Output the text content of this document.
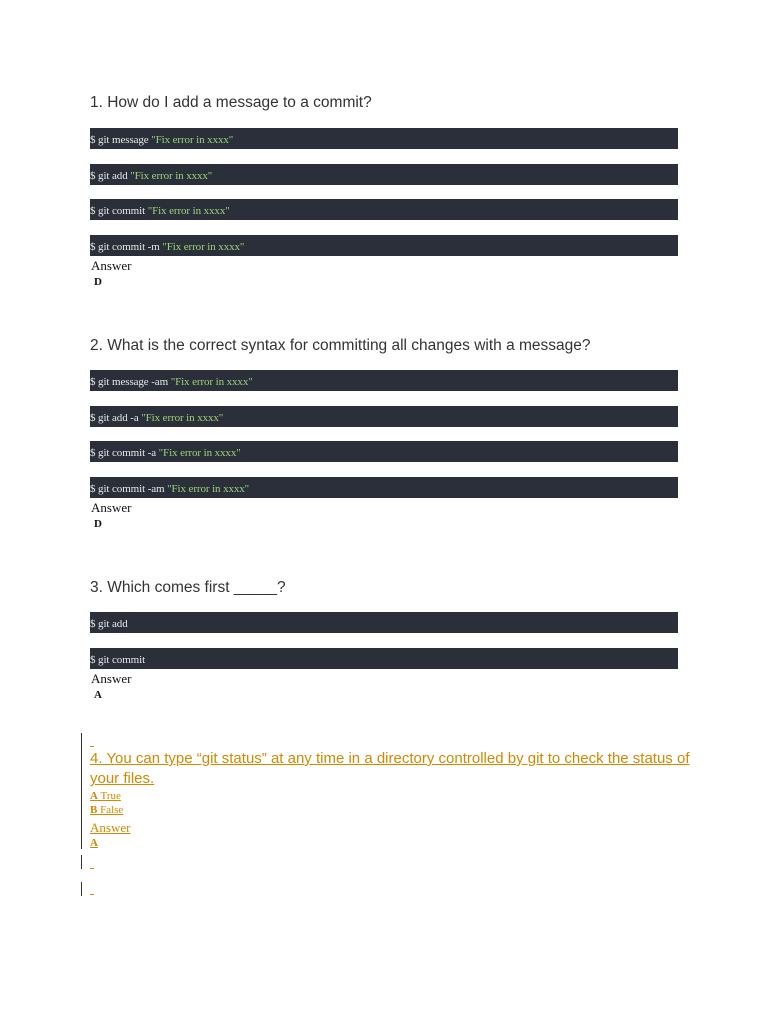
1. How do I add a message to a commit?
$ git message "Fix error in xxxx"
$ git add "Fix error in xxxx"
$ git commit "Fix error in xxxx"
$ git commit -m "Fix error in xxxx"

Answer

D

2. What is the correct syntax for committing all changes with a message?
$ git message -am "Fix error in xxxx"
$ git add -a "Fix error in xxxx"
$ git commit -a "Fix error in xxxx"
$ git commit -am "Fix error in xxxx"

Answer

D

3. Which comes first _____?
$ git add
$ git commit

Answer

A

4. You can type “git status” at any time in a directory controlled by git to check the status of your files.

A True

B False

Answer

A
